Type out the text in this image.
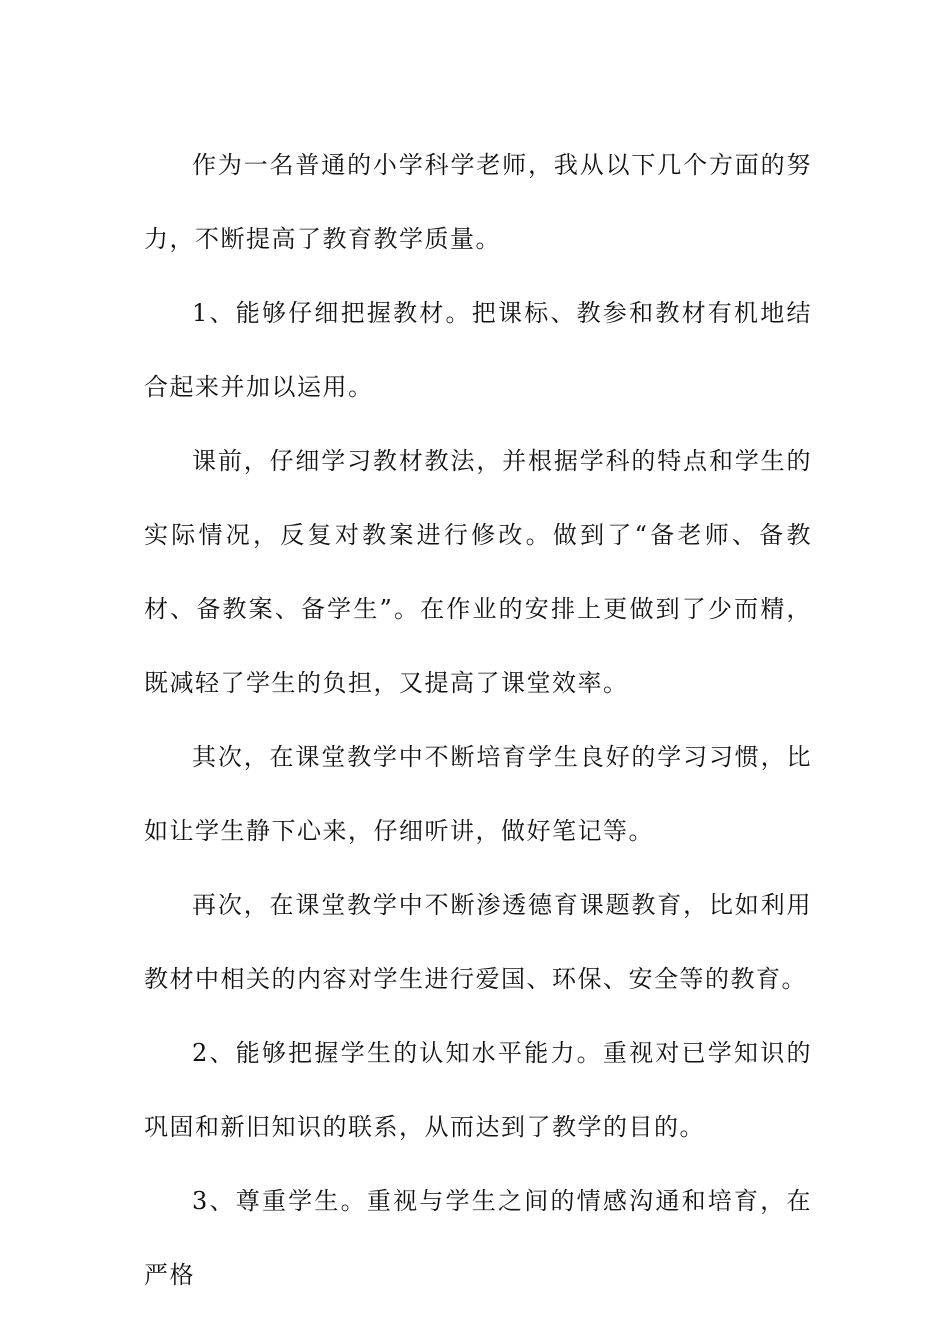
作为一名普通的小学科学老师，我从以下几个方面的努力，不断提高了教育教学质量。

1、能够仔细把握教材。把课标、教参和教材有机地结合起来并加以运用。

课前，仔细学习教材教法，并根据学科的特点和学生的实际情况，反复对教案进行修改。做到了“备老师、备教材、备教案、备学生”。在作业的安排上更做到了少而精，既减轻了学生的负担，又提高了课堂效率。

其次，在课堂教学中不断培育学生良好的学习习惯，比如让学生静下心来，仔细听讲，做好笔记等。

再次，在课堂教学中不断渗透德育课题教育，比如利用教材中相关的内容对学生进行爱国、环保、安全等的教育。

2、能够把握学生的认知水平能力。重视对已学知识的巩固和新旧知识的联系，从而达到了教学的目的。

3、尊重学生。重视与学生之间的情感沟通和培育，在严格
